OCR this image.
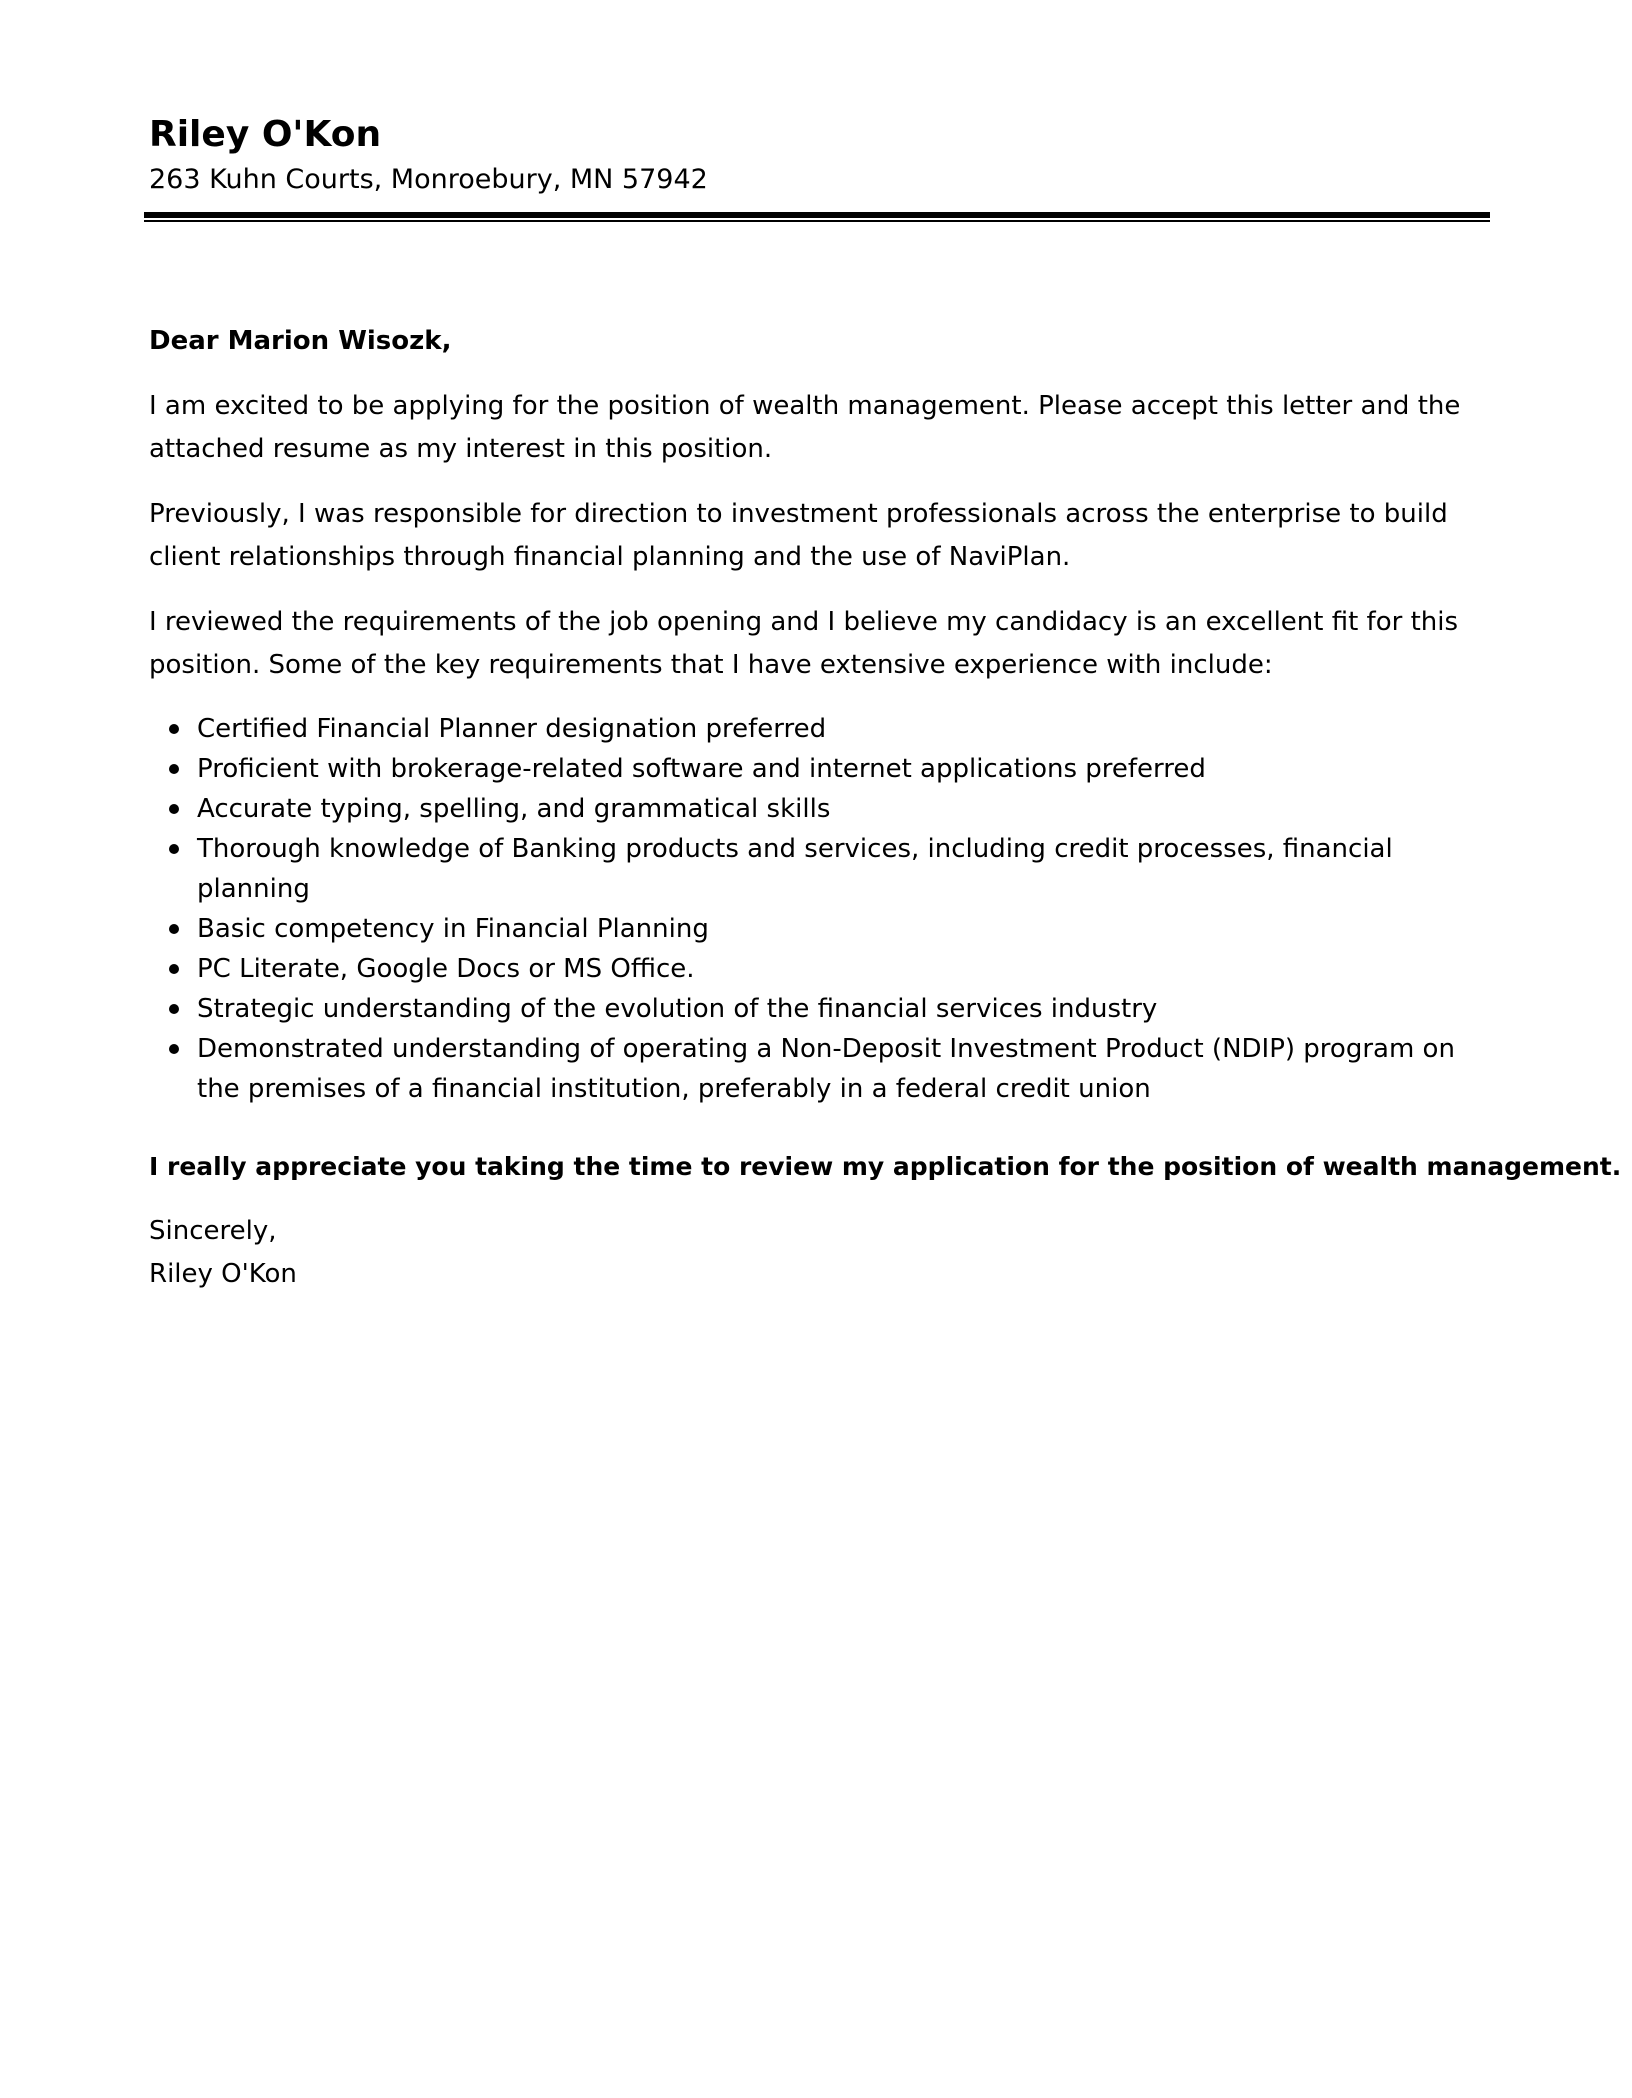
Riley O'Kon

263 Kuhn Courts, Monroebury, MN 57942

Dear Marion Wisozk,

I am excited to be applying for the position of wealth management. Please accept this letter and the attached resume as my interest in this position.

Previously, I was responsible for direction to investment professionals across the enterprise to build client relationships through financial planning and the use of NaviPlan.

I reviewed the requirements of the job opening and I believe my candidacy is an excellent fit for this position. Some of the key requirements that I have extensive experience with include:

Certified Financial Planner designation preferred
Proficient with brokerage-related software and internet applications preferred
Accurate typing, spelling, and grammatical skills
Thorough knowledge of Banking products and services, including credit processes, financial planning
Basic competency in Financial Planning
PC Literate, Google Docs or MS Office.
Strategic understanding of the evolution of the financial services industry
Demonstrated understanding of operating a Non-Deposit Investment Product (NDIP) program on the premises of a financial institution, preferably in a federal credit union

I really appreciate you taking the time to review my application for the position of wealth management.

Sincerely,

Riley O'Kon
